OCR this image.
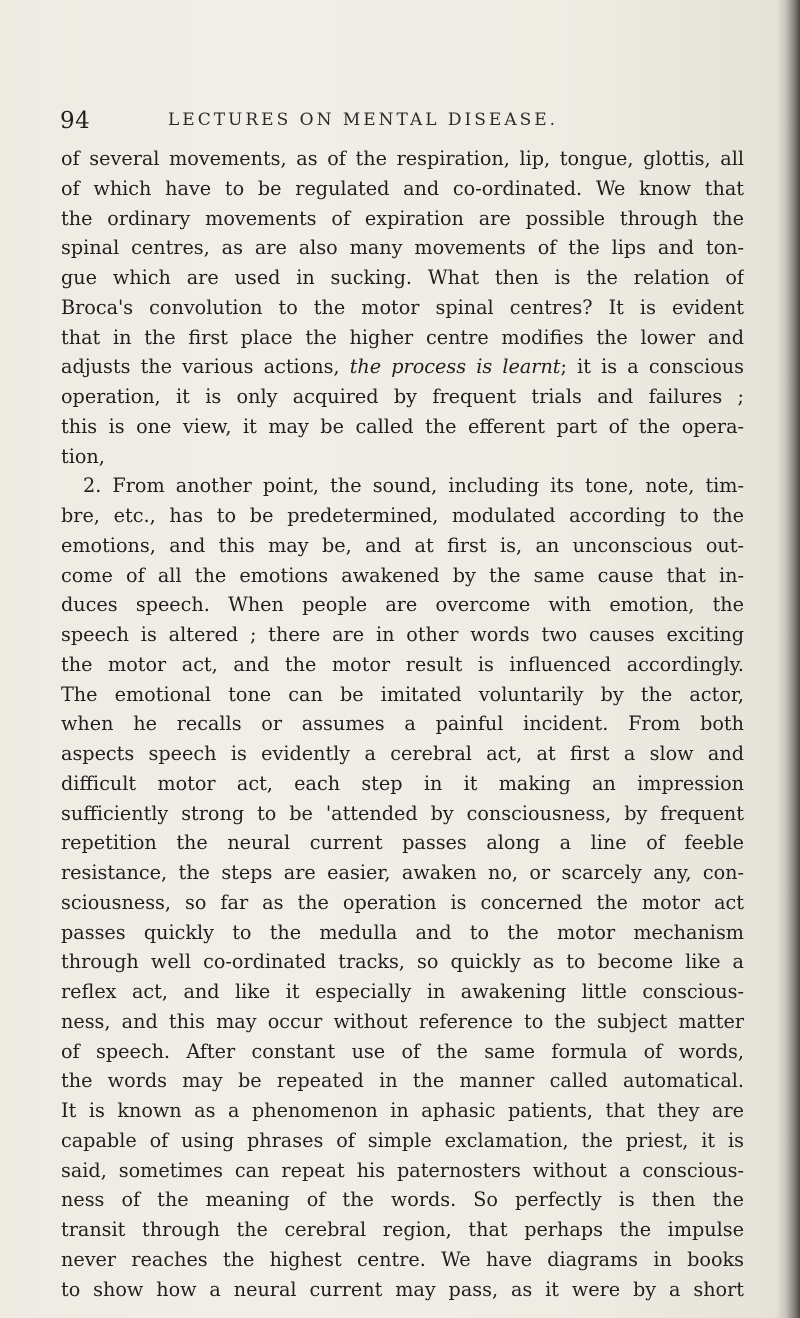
94	LECTURES ON MENTAL DISEASE.
of several movements, as of the respiration, lip, tongue, glottis, all
of which have to be regulated and co-ordinated. We know that
the ordinary movements of expiration are possible through the
spinal centres, as are also many movements of the lips and ton-
gue which are used in sucking. What then is the relation of
Broca's convolution to the motor spinal centres? It is evident
that in the first place the higher centre modifies the lower and
adjusts the various actions, the process is learnt; it is a conscious
operation, it is only acquired by frequent trials and failures ;
this is one view, it may be called the efferent part of the opera-
tion,
2. From another point, the sound, including its tone, note, tim-
bre, etc., has to be predetermined, modulated according to the
emotions, and this may be, and at first is, an unconscious out-
come of all the emotions awakened by the same cause that in-
duces speech. When people are overcome with emotion, the
speech is altered ; there are in other words two causes exciting
the motor act, and the motor result is influenced accordingly.
The emotional tone can be imitated voluntarily by the actor,
when he recalls or assumes a painful incident. From both
aspects speech is evidently a cerebral act, at first a slow and
difficult motor act, each step in it making an impression
sufficiently strong to be 'attended by consciousness, by frequent
repetition the neural current passes along a line of feeble
resistance, the steps are easier, awaken no, or scarcely any, con-
sciousness, so far as the operation is concerned the motor act
passes quickly to the medulla and to the motor mechanism
through well co-ordinated tracks, so quickly as to become like a
reflex act, and like it especially in awakening little conscious-
ness, and this may occur without reference to the subject matter
of speech. After constant use of the same formula of words,
the words may be repeated in the manner called automatical.
It is known as a phenomenon in aphasic patients, that they are
capable of using phrases of simple exclamation, the priest, it is
said, sometimes can repeat his paternosters without a conscious-
ness of the meaning of the words. So perfectly is then the
transit through the cerebral region, that perhaps the impulse
never reaches the highest centre. We have diagrams in books
to show how a neural current may pass, as it were by a short
